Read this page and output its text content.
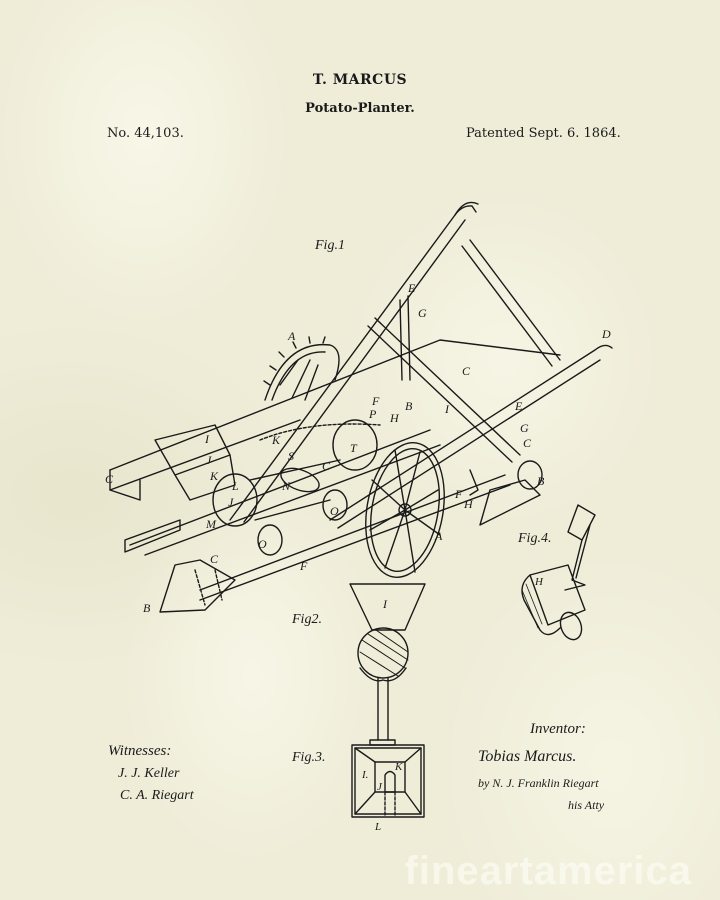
T. MARCUS
Potato-Planter.
No. 44,103.	Patented Sept. 6. 1864.
A
A
B
B
B
C
C
C
C
C
D
E
E
F
F
F
G
G
H
H
I
I
J
J
K
K
L
M
N
O
O
P
S
T
I
I.
K
J
L
H
Fig.1
Fig2.
Fig.3.
Fig.4.
Witnesses:
J. J. Keller
C. A. Riegart
Inventor:
Tobias Marcus.
by N. J. Franklin Riegart
his Atty
fineartamerica
